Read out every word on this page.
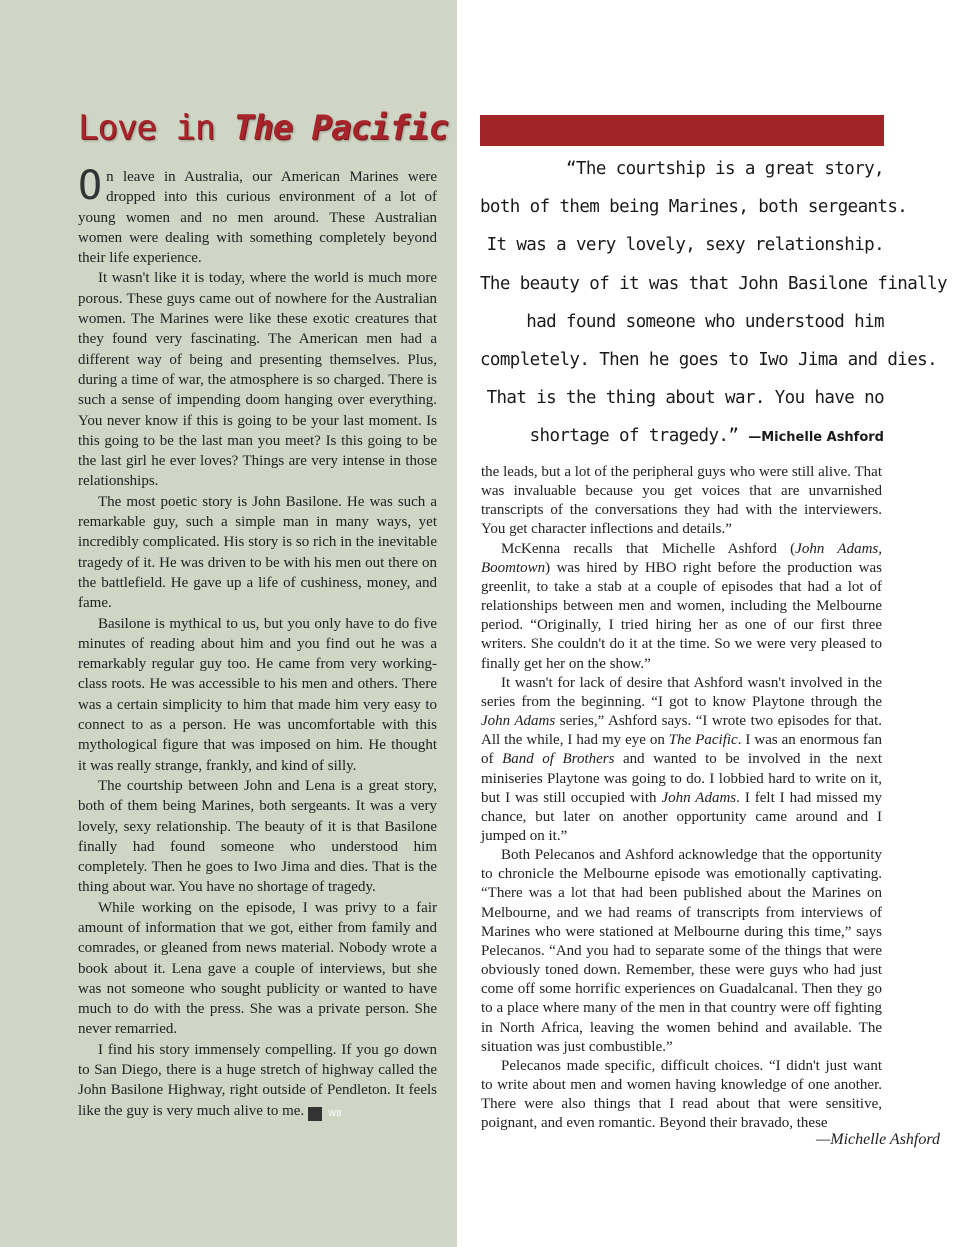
Love in The Pacific

On leave in Australia, our American Marines were dropped into this curious environment of a lot of young women and no men around. These Australian women were dealing with something completely beyond their life experience.

It wasn't like it is today, where the world is much more porous. These guys came out of nowhere for the Australian women. The Marines were like these exotic creatures that they found very fascinating. The American men had a different way of being and presenting themselves. Plus, during a time of war, the atmosphere is so charged. There is such a sense of impending doom hanging over everything. You never know if this is going to be your last moment. Is this going to be the last man you meet? Is this going to be the last girl he ever loves? Things are very intense in those relationships.

The most poetic story is John Basilone. He was such a remarkable guy, such a simple man in many ways, yet incredibly complicated. His story is so rich in the inevitable tragedy of it. He was driven to be with his men out there on the battlefield. He gave up a life of cushiness, money, and fame.

Basilone is mythical to us, but you only have to do five minutes of reading about him and you find out he was a remarkably regular guy too. He came from very working-class roots. He was accessible to his men and others. There was a certain simplicity to him that made him very easy to connect to as a person. He was uncomfortable with this mythological figure that was imposed on him. He thought it was really strange, frankly, and kind of silly.

The courtship between John and Lena is a great story, both of them being Marines, both sergeants. It was a very lovely, sexy relationship. The beauty of it is that Basilone finally had found someone who understood him completely. Then he goes to Iwo Jima and dies. That is the thing about war. You have no shortage of tragedy.

While working on the episode, I was privy to a fair amount of information that we got, either from family and comrades, or gleaned from news material. Nobody wrote a book about it. Lena gave a couple of interviews, but she was not someone who sought publicity or wanted to have much to do with the press. She was a private person. She never remarried.

I find his story immensely compelling. If you go down to San Diego, there is a huge stretch of highway called the John Basilone Highway, right outside of Pendleton. It feels like the guy is very much alive to me.	WB

—Michelle Ashford
“The courtship is a great story,
both of them being Marines, both sergeants.
It was a very lovely, sexy relationship.
The beauty of it was that John Basilone finally
had found someone who understood him
completely. Then he goes to Iwo Jima and dies.
That is the thing about war. You have no
shortage of tragedy.” —Michelle Ashford

the leads, but a lot of the peripheral guys who were still alive. That was invaluable because you get voices that are unvarnished transcripts of the conversations they had with the interviewers. You get character inflections and details.”

McKenna recalls that Michelle Ashford (John Adams, Boomtown) was hired by HBO right before the production was greenlit, to take a stab at a couple of episodes that had a lot of relationships between men and women, including the Melbourne period. “Originally, I tried hiring her as one of our first three writers. She couldn't do it at the time. So we were very pleased to finally get her on the show.”

It wasn't for lack of desire that Ashford wasn't involved in the series from the beginning. “I got to know Playtone through the John Adams series,” Ashford says. “I wrote two episodes for that. All the while, I had my eye on The Pacific. I was an enormous fan of Band of Brothers and wanted to be involved in the next miniseries Playtone was going to do. I lobbied hard to write on it, but I was still occupied with John Adams. I felt I had missed my chance, but later on another opportunity came around and I jumped on it.”

Both Pelecanos and Ashford acknowledge that the opportunity to chronicle the Melbourne episode was emotionally captivating. “There was a lot that had been published about the Marines on Melbourne, and we had reams of transcripts from interviews of Marines who were stationed at Melbourne during this time,” says Pelecanos. “And you had to separate some of the things that were obviously toned down. Remember, these were guys who had just come off some horrific experiences on Guadalcanal. Then they go to a place where many of the men in that country were off fighting in North Africa, leaving the women behind and available. The situation was just combustible.”

Pelecanos made specific, difficult choices. “I didn't just want to write about men and women having knowledge of one another. There were also things that I read about that were sensitive, poignant, and even romantic. Beyond their bravado, these
